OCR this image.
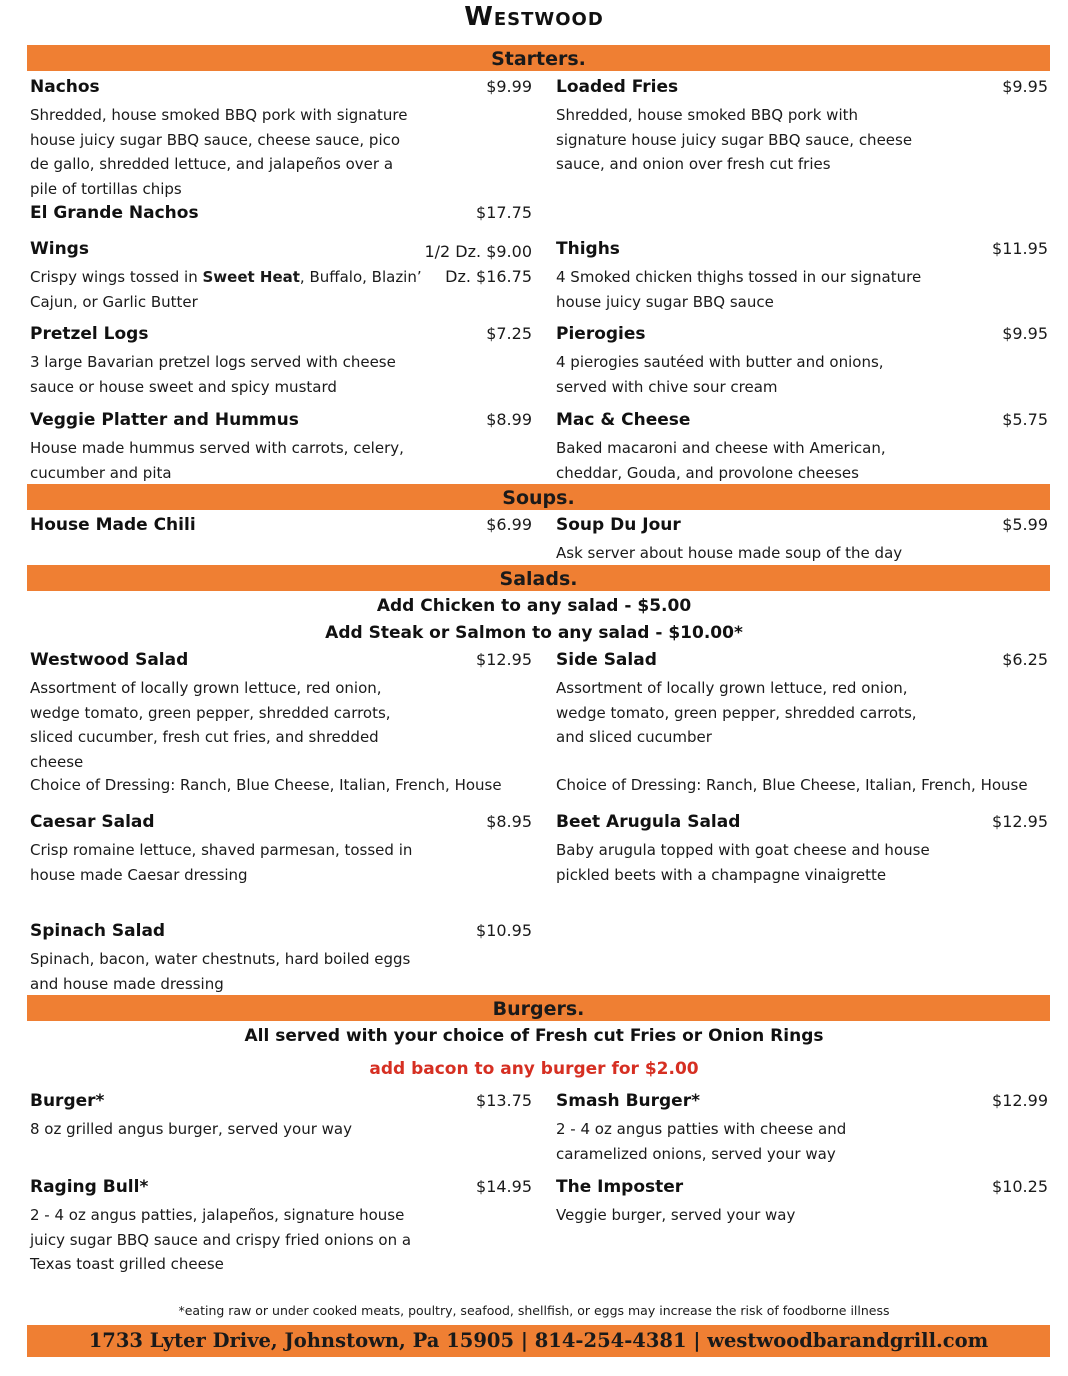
Westwood
Starters.
Nachos	$9.99
Shredded, house smoked BBQ pork with signature house juicy sugar BBQ sauce, cheese sauce, pico de gallo, shredded lettuce, and jalapeños over a pile of tortillas chips
Loaded Fries	$9.95
Shredded, house smoked BBQ pork with signature house juicy sugar BBQ sauce, cheese sauce, and onion over fresh cut fries
El Grande Nachos	$17.75
Wings	1/2 Dz. $9.00
Dz. $16.75
Crispy wings tossed in Sweet Heat, Buffalo, Blazin’ Cajun, or Garlic Butter
Thighs	$11.95
4 Smoked chicken thighs tossed in our signature house juicy sugar BBQ sauce
Pretzel Logs	$7.25
3 large Bavarian pretzel logs served with cheese sauce or house sweet and spicy mustard
Pierogies	$9.95
4 pierogies sautéed with butter and onions, served with chive sour cream
Veggie Platter and Hummus	$8.99
House made hummus served with carrots, celery, cucumber and pita
Mac & Cheese	$5.75
Baked macaroni and cheese with American, cheddar, Gouda, and provolone cheeses
Soups.
House Made Chili	$6.99 Soup Du Jour	$5.99
Ask server about house made soup of the day
Salads.
Add Chicken to any salad - $5.00
Add Steak or Salmon to any salad - $10.00*
Westwood Salad	$12.95
Assortment of locally grown lettuce, red onion, wedge tomato, green pepper, shredded carrots, sliced cucumber, fresh cut fries, and shredded cheese
Side Salad	$6.25
Assortment of locally grown lettuce, red onion, wedge tomato, green pepper, shredded carrots, and sliced cucumber
Choice of Dressing: Ranch, Blue Cheese, Italian, French, House	Choice of Dressing: Ranch, Blue Cheese, Italian, French, House
Caesar Salad	$8.95
Crisp romaine lettuce, shaved parmesan, tossed in house made Caesar dressing
Beet Arugula Salad	$12.95
Baby arugula topped with goat cheese and house pickled beets with a champagne vinaigrette
Spinach Salad	$10.95
Spinach, bacon, water chestnuts, hard boiled eggs and house made dressing
Burgers.
All served with your choice of Fresh cut Fries or Onion Rings
add bacon to any burger for $2.00
Burger*	$13.75
8 oz grilled angus burger, served your way
Smash Burger*	$12.99
2 - 4 oz angus patties with cheese and caramelized onions, served your way
Raging Bull*	$14.95
2 - 4 oz angus patties, jalapeños, signature house juicy sugar BBQ sauce and crispy fried onions on a Texas toast grilled cheese
The Imposter	$10.25
Veggie burger, served your way
*eating raw or under cooked meats, poultry, seafood, shellfish, or eggs may increase the risk of foodborne illness
1733 Lyter Drive, Johnstown, Pa 15905 | 814-254-4381 | westwoodbarandgrill.com
